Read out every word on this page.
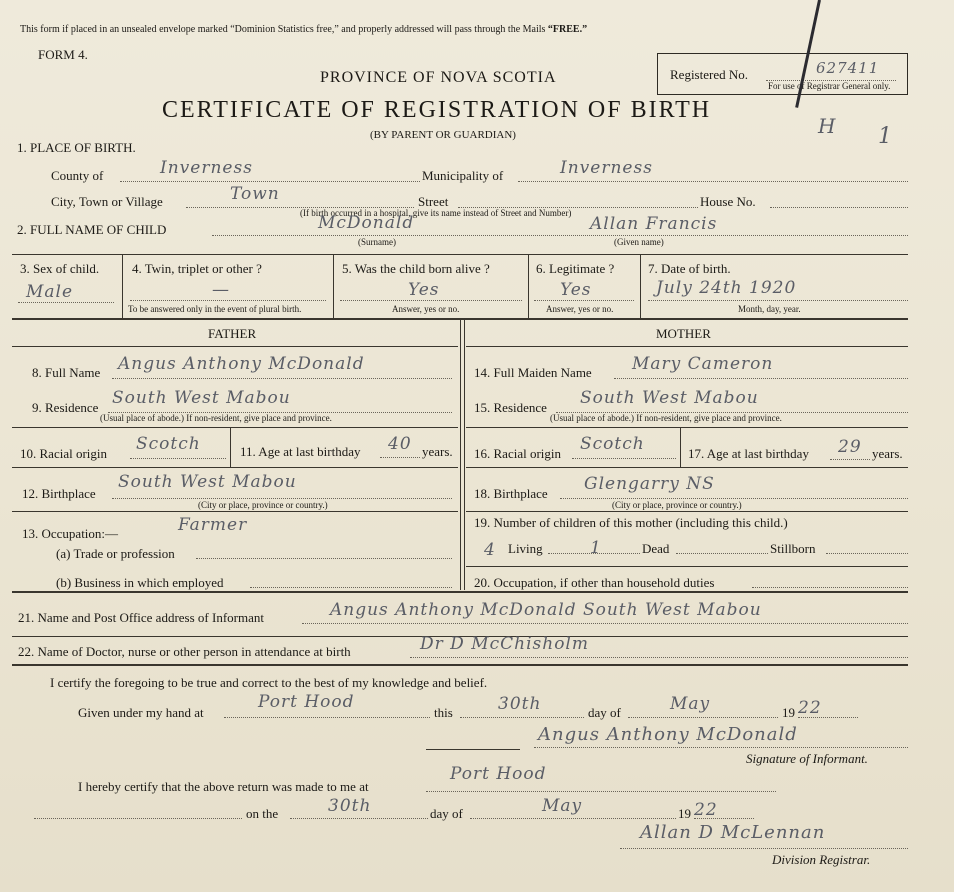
This form if placed in an unsealed envelope marked “Dominion Statistics free,” and properly addressed will pass through the Mails “FREE.”
FORM 4.
Registered No.	627411
For use of Registrar General only.
PROVINCE OF NOVA SCOTIA
CERTIFICATE OF REGISTRATION OF BIRTH
(BY PARENT OR GUARDIAN)	H 1
1. PLACE OF BIRTH.
County of	Inverness	Municipality of	Inverness
City, Town or Village	Town	Street	House No.
(If birth occurred in a hospital, give its name instead of Street and Number)
2. FULL NAME OF CHILD	McDonald	Allan Francis
(Surname)	(Given name)
3. Sex of child.
Male
4. Twin, triplet or other ?
—
To be answered only in the event of plural birth.
5. Was the child born alive ?
Yes
Answer, yes or no.
6. Legitimate ?
Yes
Answer, yes or no.
7. Date of birth.
July 24th 1920
Month, day, year.
FATHER	MOTHER
8. Full Name Angus Anthony McDonald
9. Residence South West Mabou
(Usual place of abode.) If non-resident, give place and province.
10. Racial origin Scotch	11. Age at last birthday 40 years.
12. Birthplace
South West Mabou
(City or place, province or country.)
13. Occupation:—	Farmer
(a) Trade or profession
(b) Business in which employed
14. Full Maiden Name Mary Cameron
15. Residence South West Mabou
(Usual place of abode.) If non-resident, give place and province.
16. Racial origin Scotch	17. Age at last birthday 29 years.
18. Birthplace Glengarry NS
(City or place, province or country.)
19. Number of children of this mother (including this child.)
4 Living	1	Dead	Stillborn
20. Occupation, if other than household duties
21. Name and Post Office address of Informant	Angus Anthony McDonald South West Mabou
22. Name of Doctor, nurse or other person in attendance at birth	Dr D McChisholm
I certify the foregoing to be true and correct to the best of my knowledge and belief.
Given under my hand at
Port Hood
this	30th	day of	May	19 22
Angus Anthony McDonald
Signature of Informant.
I hereby certify that the above return was made to me at
Port Hood
on the	30th	day of	May	19 22
Allan D McLennan
Division Registrar.
